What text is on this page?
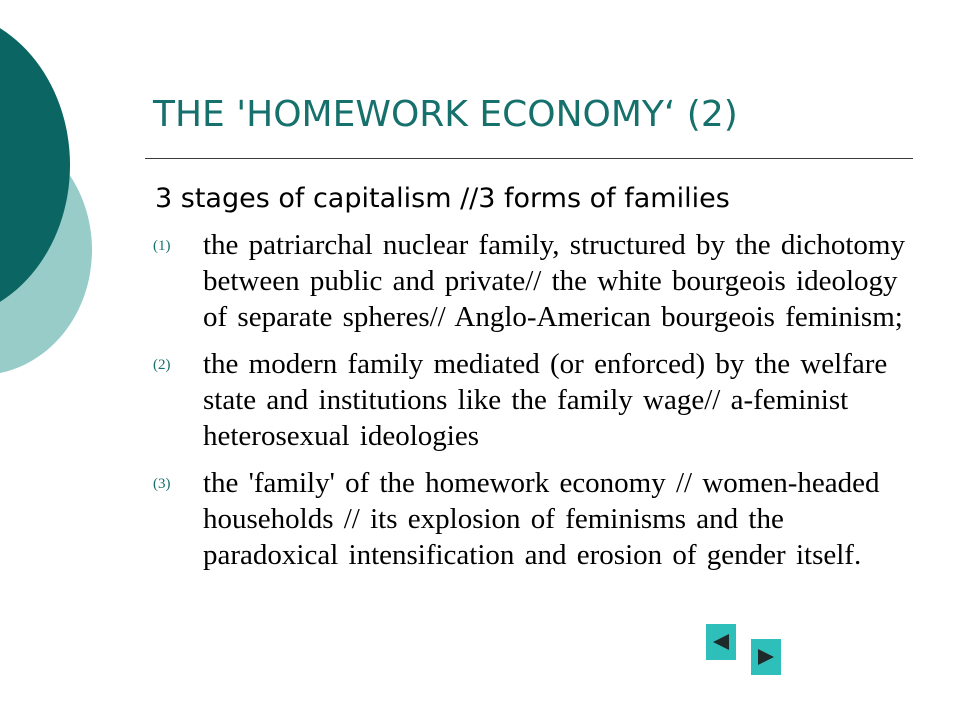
THE 'HOMEWORK ECONOMY‘ (2)

3 stages of capitalism //3 forms of families

(1)	the patriarchal nuclear family, structured by the dichotomy between public and private// the white bourgeois ideology of separate spheres// Anglo-American bourgeois feminism;
(2)	the modern family mediated (or enforced) by the welfare state and institutions like the family wage// a-feminist heterosexual ideologies
(3)	the 'family' of the homework economy // women-headed households // its explosion of feminisms and the paradoxical intensification and erosion of gender itself.
